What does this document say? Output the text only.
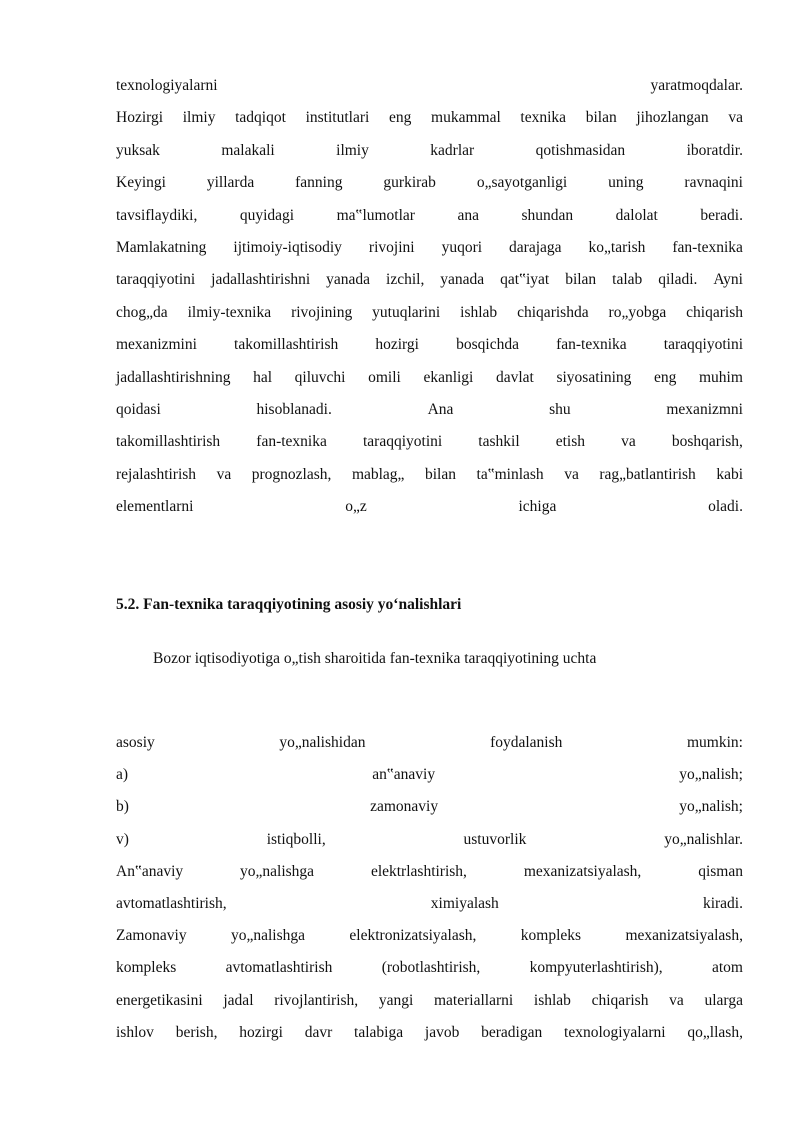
texnologiyalarni	yaratmoqdalar.
Hozirgi ilmiy tadqiqot institutlari eng mukammal texnika bilan jihozlangan va
yuksak	malakali	ilmiy	kadrlar	qotishmasidan	iboratdir.
Keyingi	yillarda	fanning	gurkirab	o„sayotganligi	uning	ravnaqini
tavsiflaydiki,	quyidagi	ma‟lumotlar	ana	shundan	dalolat	beradi.
Mamlakatning ijtimoiy-iqtisodiy rivojini yuqori darajaga ko„tarish fan-texnika
taraqqiyotini jadallashtirishni yanada izchil, yanada qat‟iyat bilan talab qiladi. Ayni
chog„da ilmiy-texnika rivojining yutuqlarini ishlab chiqarishda ro„yobga chiqarish
mexanizmini takomillashtirish hozirgi bosqichda fan-texnika taraqqiyotini
jadallashtirishning hal qiluvchi omili ekanligi davlat siyosatining eng muhim
qoidasi	hisoblanadi.	Ana	shu	mexanizmni
takomillashtirish fan-texnika taraqqiyotini tashkil etish va boshqarish,
rejalashtirish va prognozlash, mablag„ bilan ta‟minlash va rag„batlantirish kabi
elementlarni	o„z	ichiga	oladi.
5.2. Fan-texnika taraqqiyotining asosiy yo‘nalishlari
Bozor iqtisodiyotiga o„tish sharoitida fan-texnika taraqqiyotining uchta
asosiy	yo„nalishidan	foydalanish	mumkin:
a)	an‟anaviy	yo„nalish;
b)	zamonaviy	yo„nalish;
v)	istiqbolli,	ustuvorlik	yo„nalishlar.
An‟anaviy	yo„nalishga	elektrlashtirish,	mexanizatsiyalash,	qisman
avtomatlashtirish,	ximiyalash	kiradi.
Zamonaviy	yo„nalishga	elektronizatsiyalash,	kompleks	mexanizatsiyalash,
kompleks	avtomatlashtirish	(robotlashtirish,	kompyuterlashtirish),	atom
energetikasini jadal rivojlantirish, yangi materiallarni ishlab chiqarish va ularga
ishlov berish, hozirgi davr talabiga javob beradigan texnologiyalarni qo„llash,
